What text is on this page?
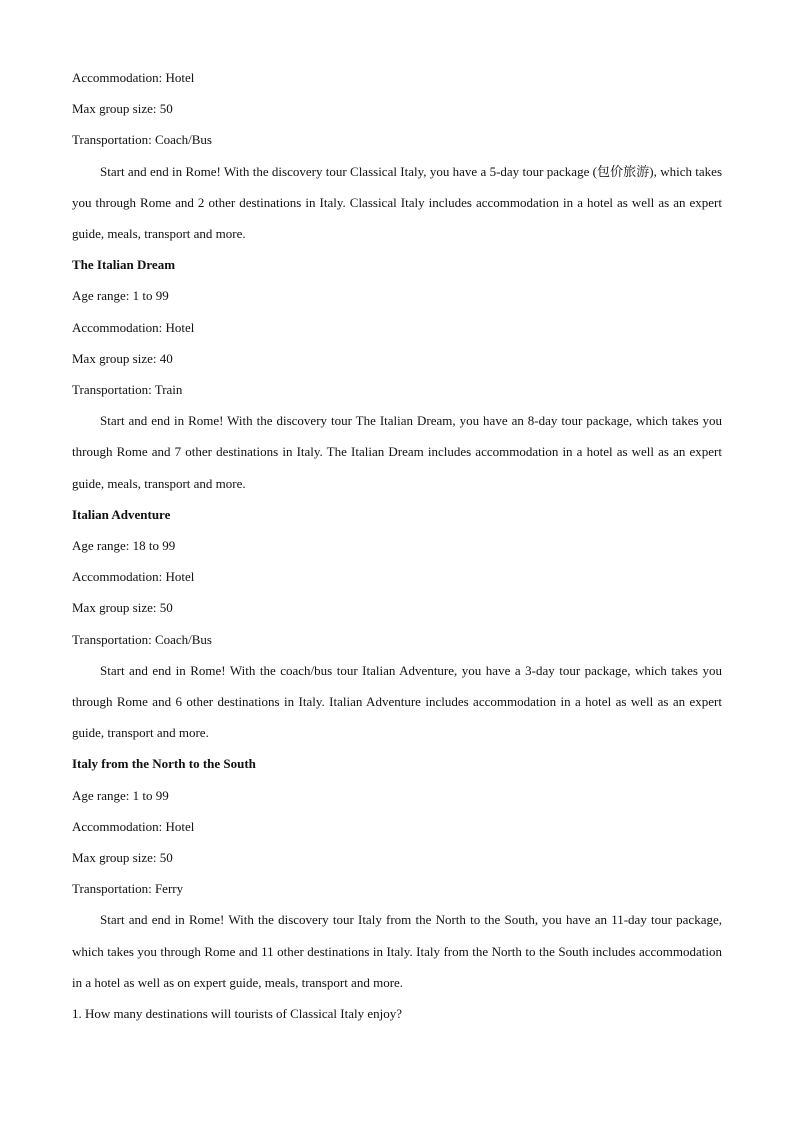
Accommodation: Hotel
Max group size: 50
Transportation: Coach/Bus
Start and end in Rome! With the discovery tour Classical Italy, you have a 5-day tour package (包价旅游), which takes you through Rome and 2 other destinations in Italy. Classical Italy includes accommodation in a hotel as well as an expert guide, meals, transport and more.
The Italian Dream
Age range: 1 to 99
Accommodation: Hotel
Max group size: 40
Transportation: Train
Start and end in Rome! With the discovery tour The Italian Dream, you have an 8-day tour package, which takes you through Rome and 7 other destinations in Italy. The Italian Dream includes accommodation in a hotel as well as an expert guide, meals, transport and more.
Italian Adventure
Age range: 18 to 99
Accommodation: Hotel
Max group size: 50
Transportation: Coach/Bus
Start and end in Rome! With the coach/bus tour Italian Adventure, you have a 3-day tour package, which takes you through Rome and 6 other destinations in Italy. Italian Adventure includes accommodation in a hotel as well as an expert guide, transport and more.
Italy from the North to the South
Age range: 1 to 99
Accommodation: Hotel
Max group size: 50
Transportation: Ferry
Start and end in Rome! With the discovery tour Italy from the North to the South, you have an 11-day tour package, which takes you through Rome and 11 other destinations in Italy. Italy from the North to the South includes accommodation in a hotel as well as on expert guide, meals, transport and more.
1. How many destinations will tourists of Classical Italy enjoy?
